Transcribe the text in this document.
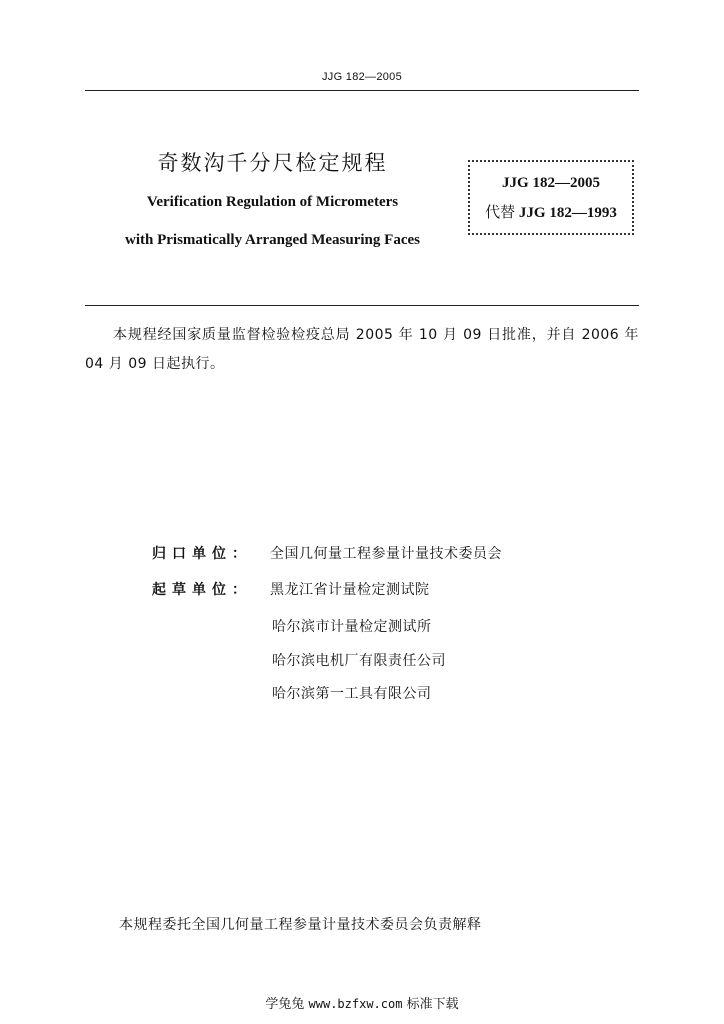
JJG 182—2005
奇数沟千分尺检定规程
Verification Regulation of Micrometers
with Prismatically Arranged Measuring Faces
JJG 182—2005
代替 JJG 182—1993
本规程经国家质量监督检验检疫总局 2005 年 10 月 09 日批准，并自 2006 年 04 月 09 日起执行。
归口单位： 全国几何量工程参量计量技术委员会
起草单位： 黑龙江省计量检定测试院
哈尔滨市计量检定测试所
哈尔滨电机厂有限责任公司
哈尔滨第一工具有限公司
本规程委托全国几何量工程参量计量技术委员会负责解释
学兔兔 www.bzfxw.com 标准下载
